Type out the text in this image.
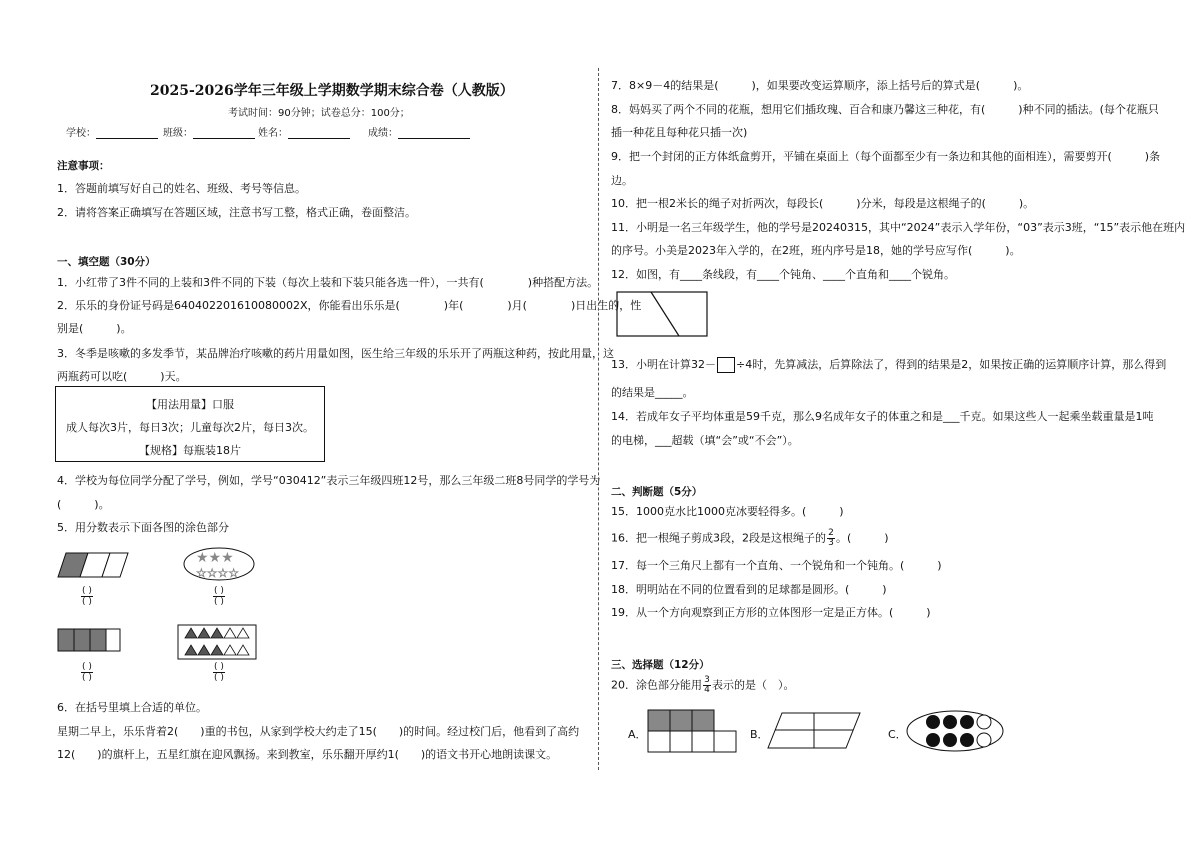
2025-2026学年三年级上学期数学期末综合卷（人教版）
考试时间：90分钟；试卷总分：100分；
学校：	班级：	姓名：	成绩：
注意事项：
1．答题前填写好自己的姓名、班级、考号等信息。
2．请将答案正确填写在答题区域，注意书写工整，格式正确，卷面整洁。
一、填空题（30分）
1．小红带了3件不同的上装和3件不同的下装（每次上装和下装只能各选一件），一共有(　　　　)种搭配方法。
2．乐乐的身份证号码是640402201610080002X，你能看出乐乐是(　　　　)年(　　　　)月(　　　　)日出生的，性
别是(　　　)。
3．冬季是咳嗽的多发季节，某品牌治疗咳嗽的药片用量如图，医生给三年级的乐乐开了两瓶这种药，按此用量，这
两瓶药可以吃(　　　)天。
【用法用量】口服
成人每次3片，每日3次；儿童每次2片，每日3次。
【规格】每瓶装18片
4．学校为每位同学分配了学号，例如，学号“030412”表示三年级四班12号，那么三年级二班8号同学的学号为
(　　　)。
5．用分数表示下面各图的涂色部分
( )
( )
★★★
☆☆☆☆
( )
( )
( )
( )
( )
( )
6．在括号里填上合适的单位。
星期二早上，乐乐背着2(　　)重的书包，从家到学校大约走了15(　　)的时间。经过校门后，他看到了高约
12(　　)的旗杆上，五星红旗在迎风飘扬。来到教室，乐乐翻开厚约1(　　)的语文书开心地朗读课文。
7．8×9－4的结果是(　　　)，如果要改变运算顺序，添上括号后的算式是(　　　)。
8．妈妈买了两个不同的花瓶，想用它们插玫瑰、百合和康乃馨这三种花，有(　　　)种不同的插法。(每个花瓶只
插一种花且每种花只插一次)
9．把一个封闭的正方体纸盒剪开，平铺在桌面上（每个面都至少有一条边和其他的面相连），需要剪开(　　　)条
边。
10．把一根2米长的绳子对折两次，每段长(　　　)分米，每段是这根绳子的(　　　)。
11．小明是一名三年级学生，他的学号是20240315，其中“2024”表示入学年份，“03”表示3班，“15”表示他在班内
的序号。小美是2023年入学的，在2班，班内序号是18，她的学号应写作(　　　)。
12．如图，有____条线段，有____个钝角、____个直角和____个锐角。
13．小明在计算32－ ÷4时，先算减法，后算除法了，得到的结果是2，如果按正确的运算顺序计算，那么得到
的结果是_____。
14．若成年女子平均体重是59千克，那么9名成年女子的体重之和是___千克。如果这些人一起乘坐载重量是1吨
的电梯，___超载（填“会”或“不会”）。
二、判断题（5分）
15．1000克水比1000克冰要轻得多。(　　　)
16．把一根绳子剪成3段，2段是这根绳子的 $\frac{2}{3}$ 。(　　　)
17．每一个三角尺上都有一个直角、一个锐角和一个钝角。(　　　)
18．明明站在不同的位置看到的足球都是圆形。(　　　)
19．从一个方向观察到正方形的立体图形一定是正方体。(　　　)
三、选择题（12分）
20．涂色部分能用 $\frac{3}{4}$ 表示的是（　）。
A．	B．	C．
